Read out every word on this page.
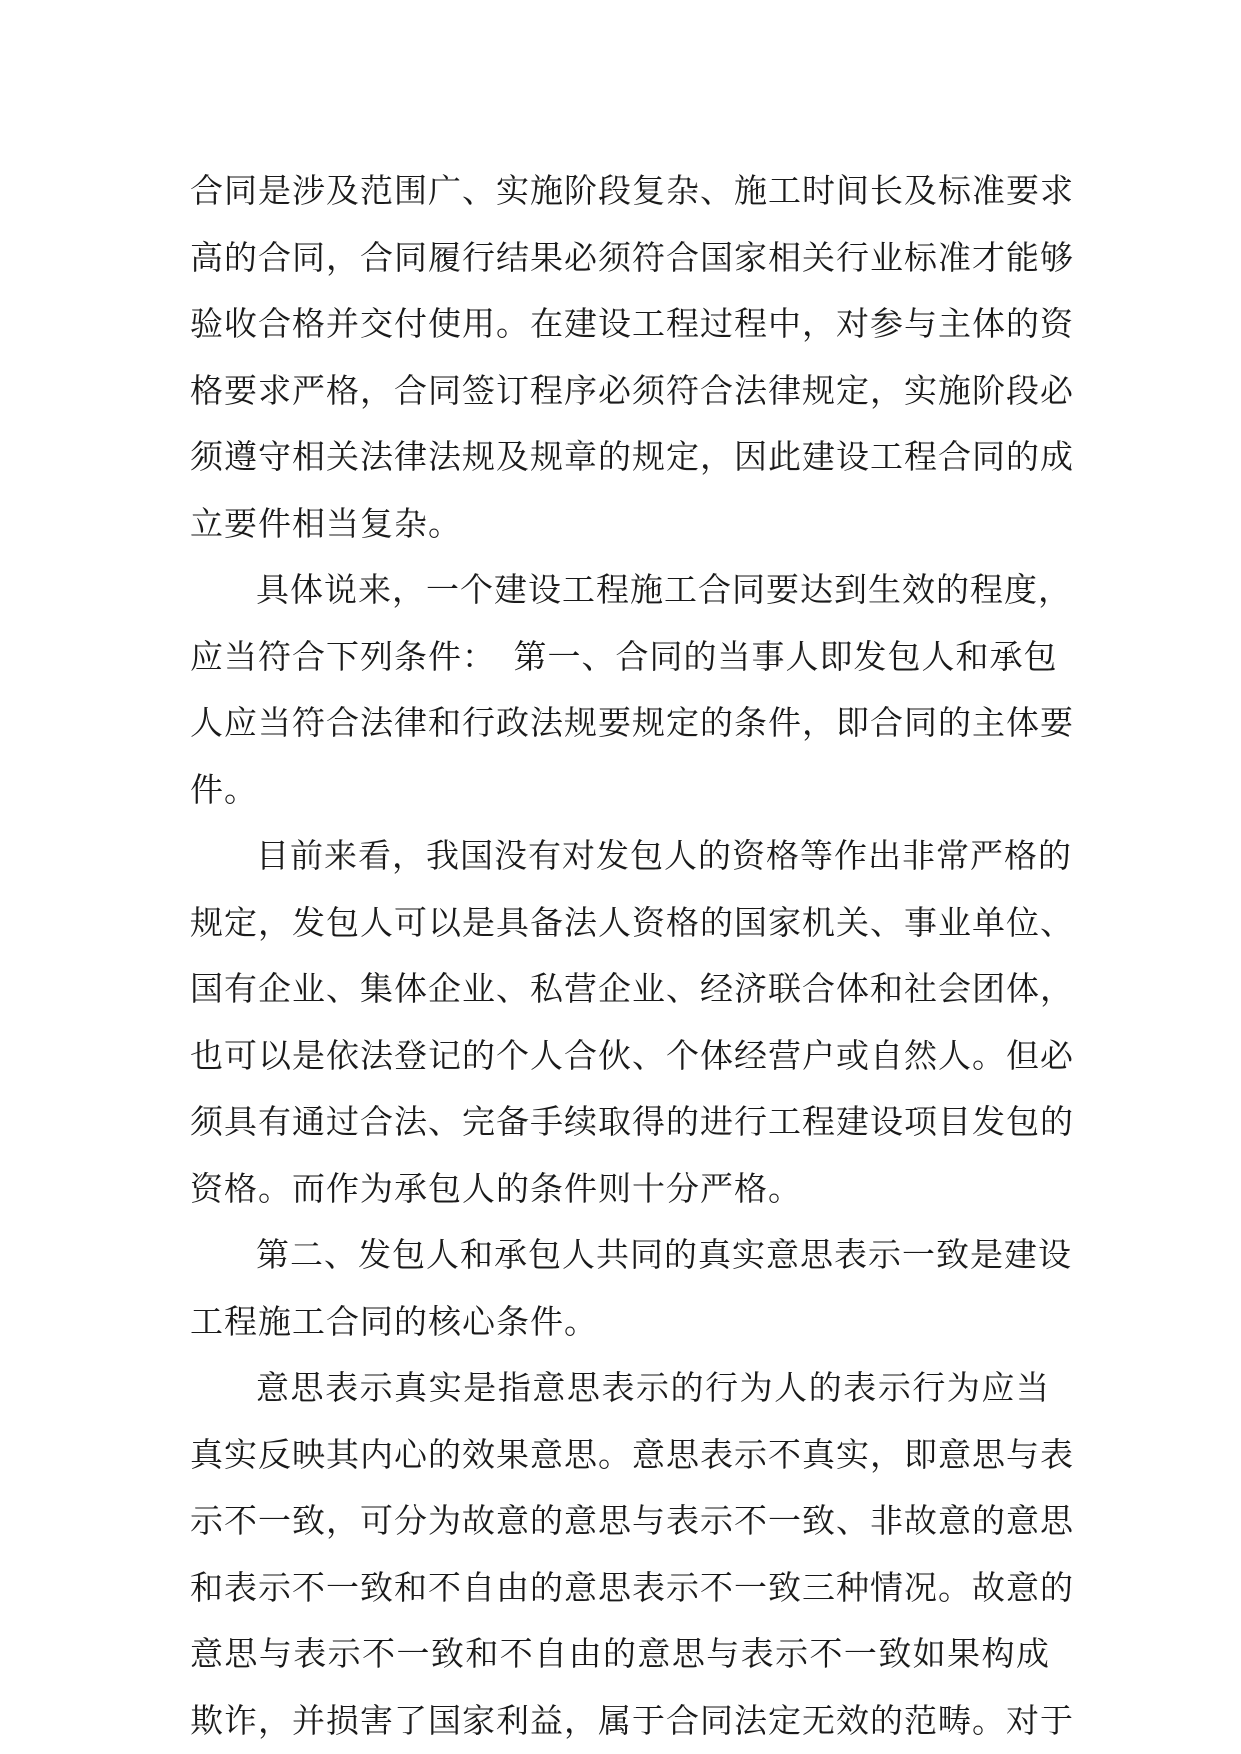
合同是涉及范围广、实施阶段复杂、施工时间长及标准要求
高的合同，合同履行结果必须符合国家相关行业标准才能够
验收合格并交付使用。在建设工程过程中，对参与主体的资
格要求严格，合同签订程序必须符合法律规定，实施阶段必
须遵守相关法律法规及规章的规定，因此建设工程合同的成
立要件相当复杂。
具体说来，一个建设工程施工合同要达到生效的程度，
应当符合下列条件：　第一、合同的当事人即发包人和承包
人应当符合法律和行政法规要规定的条件，即合同的主体要
件。
目前来看，我国没有对发包人的资格等作出非常严格的
规定，发包人可以是具备法人资格的国家机关、事业单位、
国有企业、集体企业、私营企业、经济联合体和社会团体，
也可以是依法登记的个人合伙、个体经营户或自然人。但必
须具有通过合法、完备手续取得的进行工程建设项目发包的
资格。而作为承包人的条件则十分严格。
第二、发包人和承包人共同的真实意思表示一致是建设
工程施工合同的核心条件。
意思表示真实是指意思表示的行为人的表示行为应当
真实反映其内心的效果意思。意思表示不真实，即意思与表
示不一致，可分为故意的意思与表示不一致、非故意的意思
和表示不一致和不自由的意思表示不一致三种情况。故意的
意思与表示不一致和不自由的意思与表示不一致如果构成
欺诈，并损害了国家利益，属于合同法定无效的范畴。对于
